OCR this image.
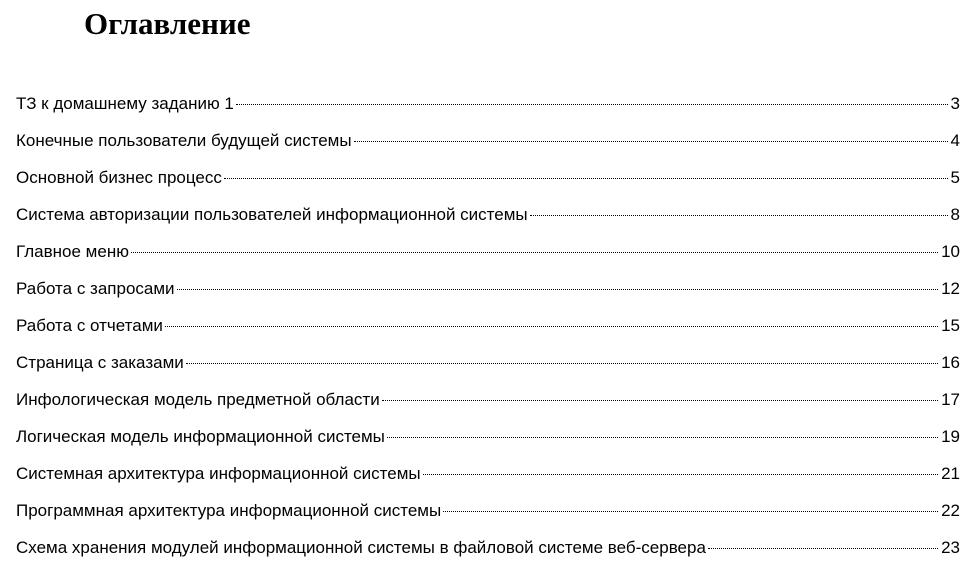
Оглавление
ТЗ к домашнему заданию 1	3
Конечные пользователи будущей системы	4
Основной бизнес процесс	5
Система авторизации пользователей информационной системы	8
Главное меню	10
Работа с запросами	12
Работа с отчетами	15
Страница с заказами	16
Инфологическая модель предметной области	17
Логическая модель информационной системы	19
Системная архитектура информационной системы	21
Программная архитектура информационной системы	22
Схема хранения модулей информационной системы в файловой системе веб-сервера	23
